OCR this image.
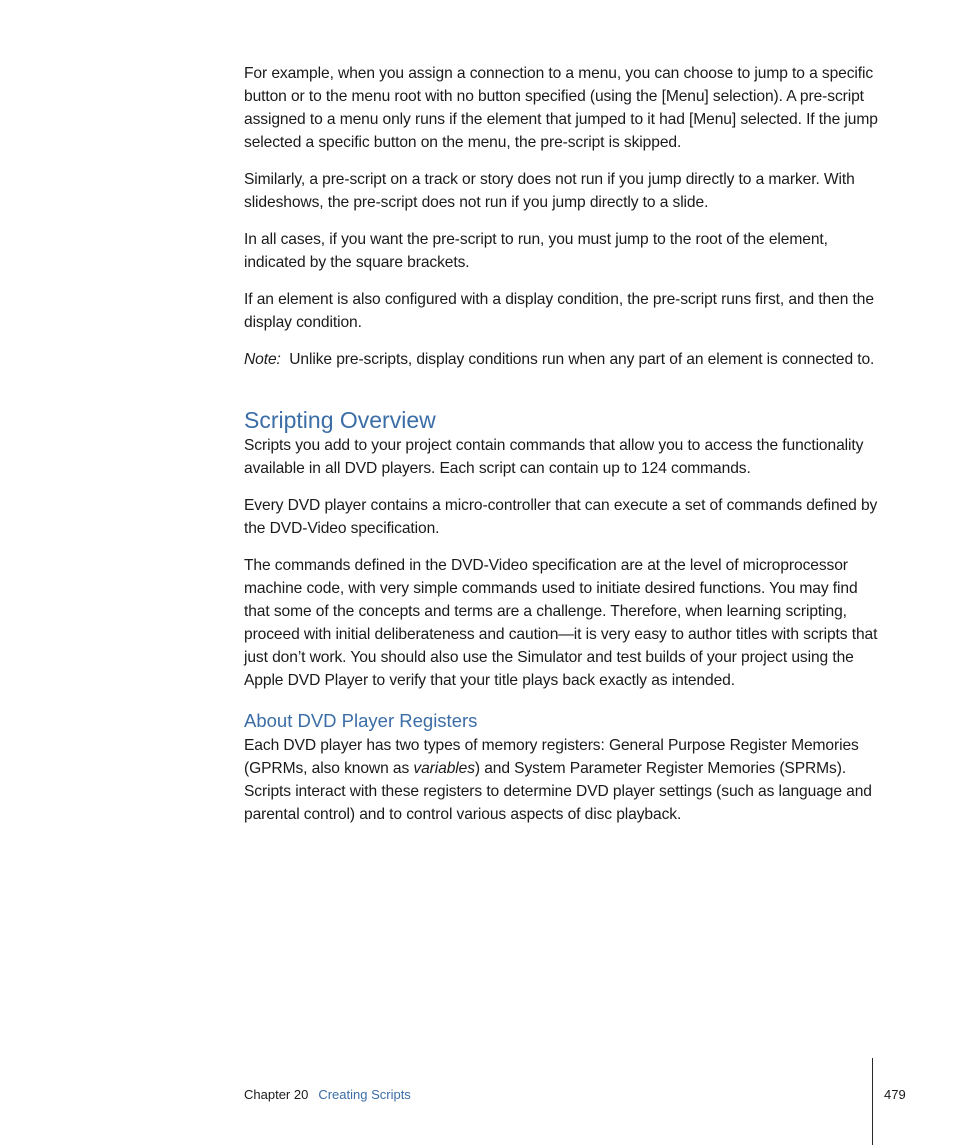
For example, when you assign a connection to a menu, you can choose to jump to a specific button or to the menu root with no button specified (using the [Menu] selection). A pre-script assigned to a menu only runs if the element that jumped to it had [Menu] selected. If the jump selected a specific button on the menu, the pre-script is skipped.

Similarly, a pre-script on a track or story does not run if you jump directly to a marker. With slideshows, the pre-script does not run if you jump directly to a slide.

In all cases, if you want the pre-script to run, you must jump to the root of the element, indicated by the square brackets.

If an element is also configured with a display condition, the pre-script runs first, and then the display condition.

Note: Unlike pre-scripts, display conditions run when any part of an element is connected to.

Scripting Overview

Scripts you add to your project contain commands that allow you to access the functionality available in all DVD players. Each script can contain up to 124 commands.

Every DVD player contains a micro-controller that can execute a set of commands defined by the DVD-Video specification.

The commands defined in the DVD-Video specification are at the level of microprocessor machine code, with very simple commands used to initiate desired functions. You may find that some of the concepts and terms are a challenge. Therefore, when learning scripting, proceed with initial deliberateness and caution—it is very easy to author titles with scripts that just don’t work. You should also use the Simulator and test builds of your project using the Apple DVD Player to verify that your title plays back exactly as intended.

About DVD Player Registers

Each DVD player has two types of memory registers: General Purpose Register Memories (GPRMs, also known as variables) and System Parameter Register Memories (SPRMs). Scripts interact with these registers to determine DVD player settings (such as language and parental control) and to control various aspects of disc playback.

Chapter 20 Creating Scripts	479
